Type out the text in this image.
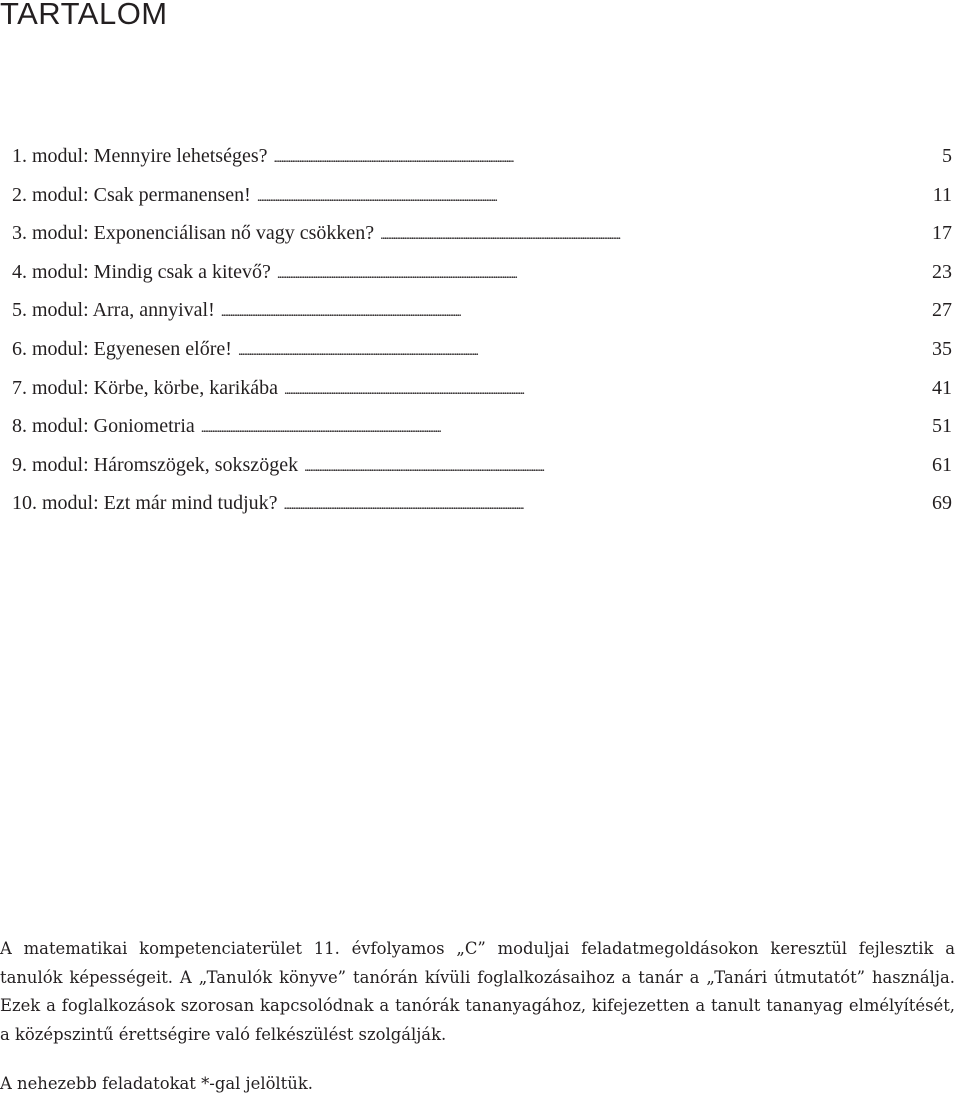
TARTALOM
1. modul: Mennyire lehetséges? . . .	5
2. modul: Csak permanensen! . . .	11
3. modul: Exponenciálisan nő vagy csökken? . . .	17
4. modul: Mindig csak a kitevő? . . .	23
5. modul: Arra, annyival! . . .	27
6. modul: Egyenesen előre! . . .	35
7. modul: Körbe, körbe, karikába . . .	41
8. modul: Goniometria . . .	51
9. modul: Háromszögek, sokszögek . . .	61
10. modul: Ezt már mind tudjuk? . . .	69

A matematikai kompetenciaterület 11. évfolyamos „C” moduljai feladatmegoldásokon keresztül fejlesztik a tanulók képességeit. A „Tanulók könyve” tanórán kívüli foglalkozásaihoz a tanár a „Tanári útmutatót” használja. Ezek a foglalkozások szorosan kapcsolódnak a tanórák tananyagához, kifejezetten a tanult tananyag elmélyítését, a középszintű érettségire való felkészülést szolgálják.

A nehezebb feladatokat *-gal jelöltük.
